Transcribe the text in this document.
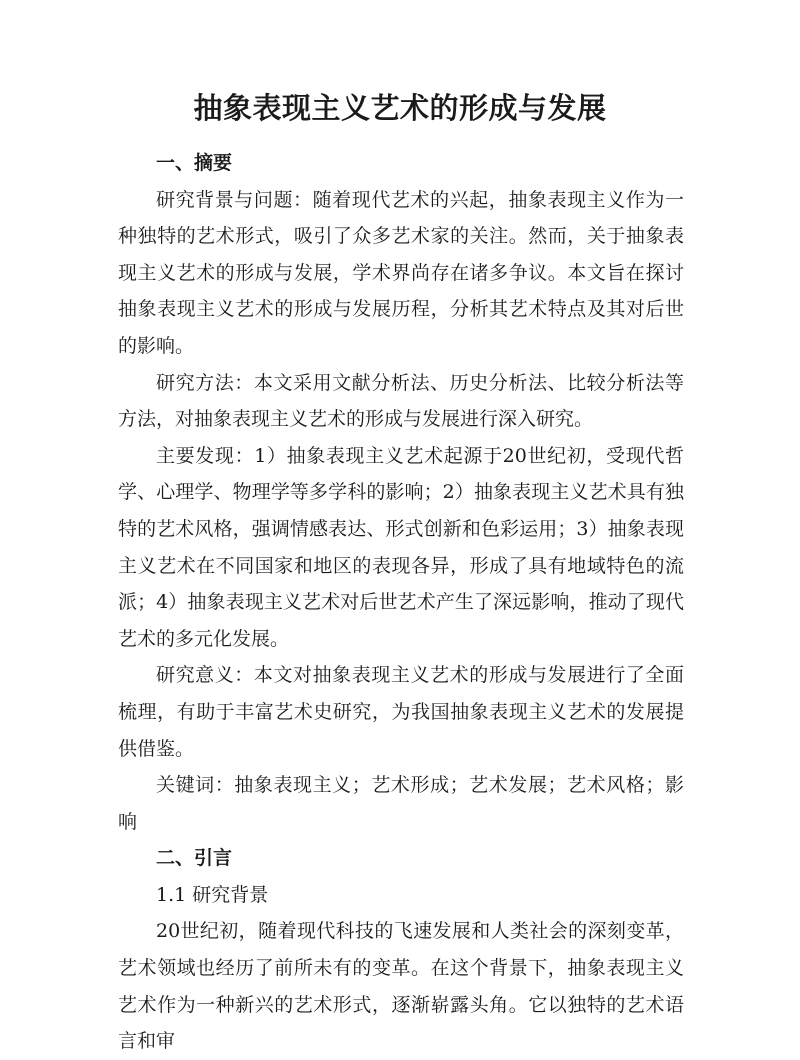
抽象表现主义艺术的形成与发展
一、摘要

研究背景与问题：随着现代艺术的兴起，抽象表现主义作为一种独特的艺术形式，吸引了众多艺术家的关注。然而，关于抽象表现主义艺术的形成与发展，学术界尚存在诸多争议。本文旨在探讨抽象表现主义艺术的形成与发展历程，分析其艺术特点及其对后世的影响。

研究方法：本文采用文献分析法、历史分析法、比较分析法等方法，对抽象表现主义艺术的形成与发展进行深入研究。

主要发现：1）抽象表现主义艺术起源于20世纪初，受现代哲学、心理学、物理学等多学科的影响；2）抽象表现主义艺术具有独特的艺术风格，强调情感表达、形式创新和色彩运用；3）抽象表现主义艺术在不同国家和地区的表现各异，形成了具有地域特色的流派；4）抽象表现主义艺术对后世艺术产生了深远影响，推动了现代艺术的多元化发展。

研究意义：本文对抽象表现主义艺术的形成与发展进行了全面梳理，有助于丰富艺术史研究，为我国抽象表现主义艺术的发展提供借鉴。

关键词：抽象表现主义；艺术形成；艺术发展；艺术风格；影响

二、引言

1.1 研究背景

20世纪初，随着现代科技的飞速发展和人类社会的深刻变革，艺术领域也经历了前所未有的变革。在这个背景下，抽象表现主义艺术作为一种新兴的艺术形式，逐渐崭露头角。它以独特的艺术语言和审
